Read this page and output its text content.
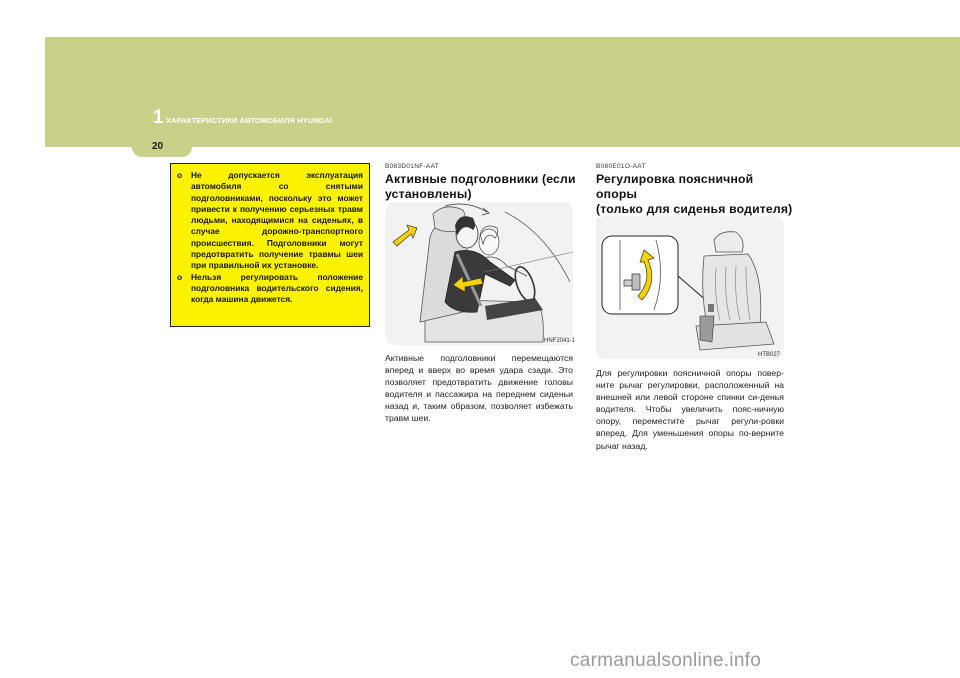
1 ХАРАКТЕРИСТИКИ АВТОМОБИЛЯ HYUNDAI
20
o	Не допускается эксплуатация автомобиля со снятыми подголовниками, поскольку это может привести к получению серьезных травм людьми, находящимися на сиденьях, в случае дорожно-транспортного происшествия. Подголовники могут предотвратить получение травмы шеи при правильной их установке.
o	Нельзя регулировать положение подголовника водительского сидения, когда машина движется.
B083D01NF-AAT
Активные подголовники (если
установлены)
HNF2041-1
Активные подголовники перемещаются вперед и вверх во время удара сзади. Это позволяет предотвратить движение головы водителя и пассажира на переднем сиденьи назад и, таким образом, позволяет избежать травм шеи.
B080E01O-AAT
Регулировка поясничной опоры
(только для сиденья водителя)
HTB027
Для регулировки поясничной опоры повер-ните рычаг регулировки, расположенный на внешней или левой стороне спинки си-денья водителя. Чтобы увеличить пояс-ничную опору, переместите рычаг регули-ровки вперед. Для уменьшения опоры по-верните рычаг назад.
carmanualsonline.info
